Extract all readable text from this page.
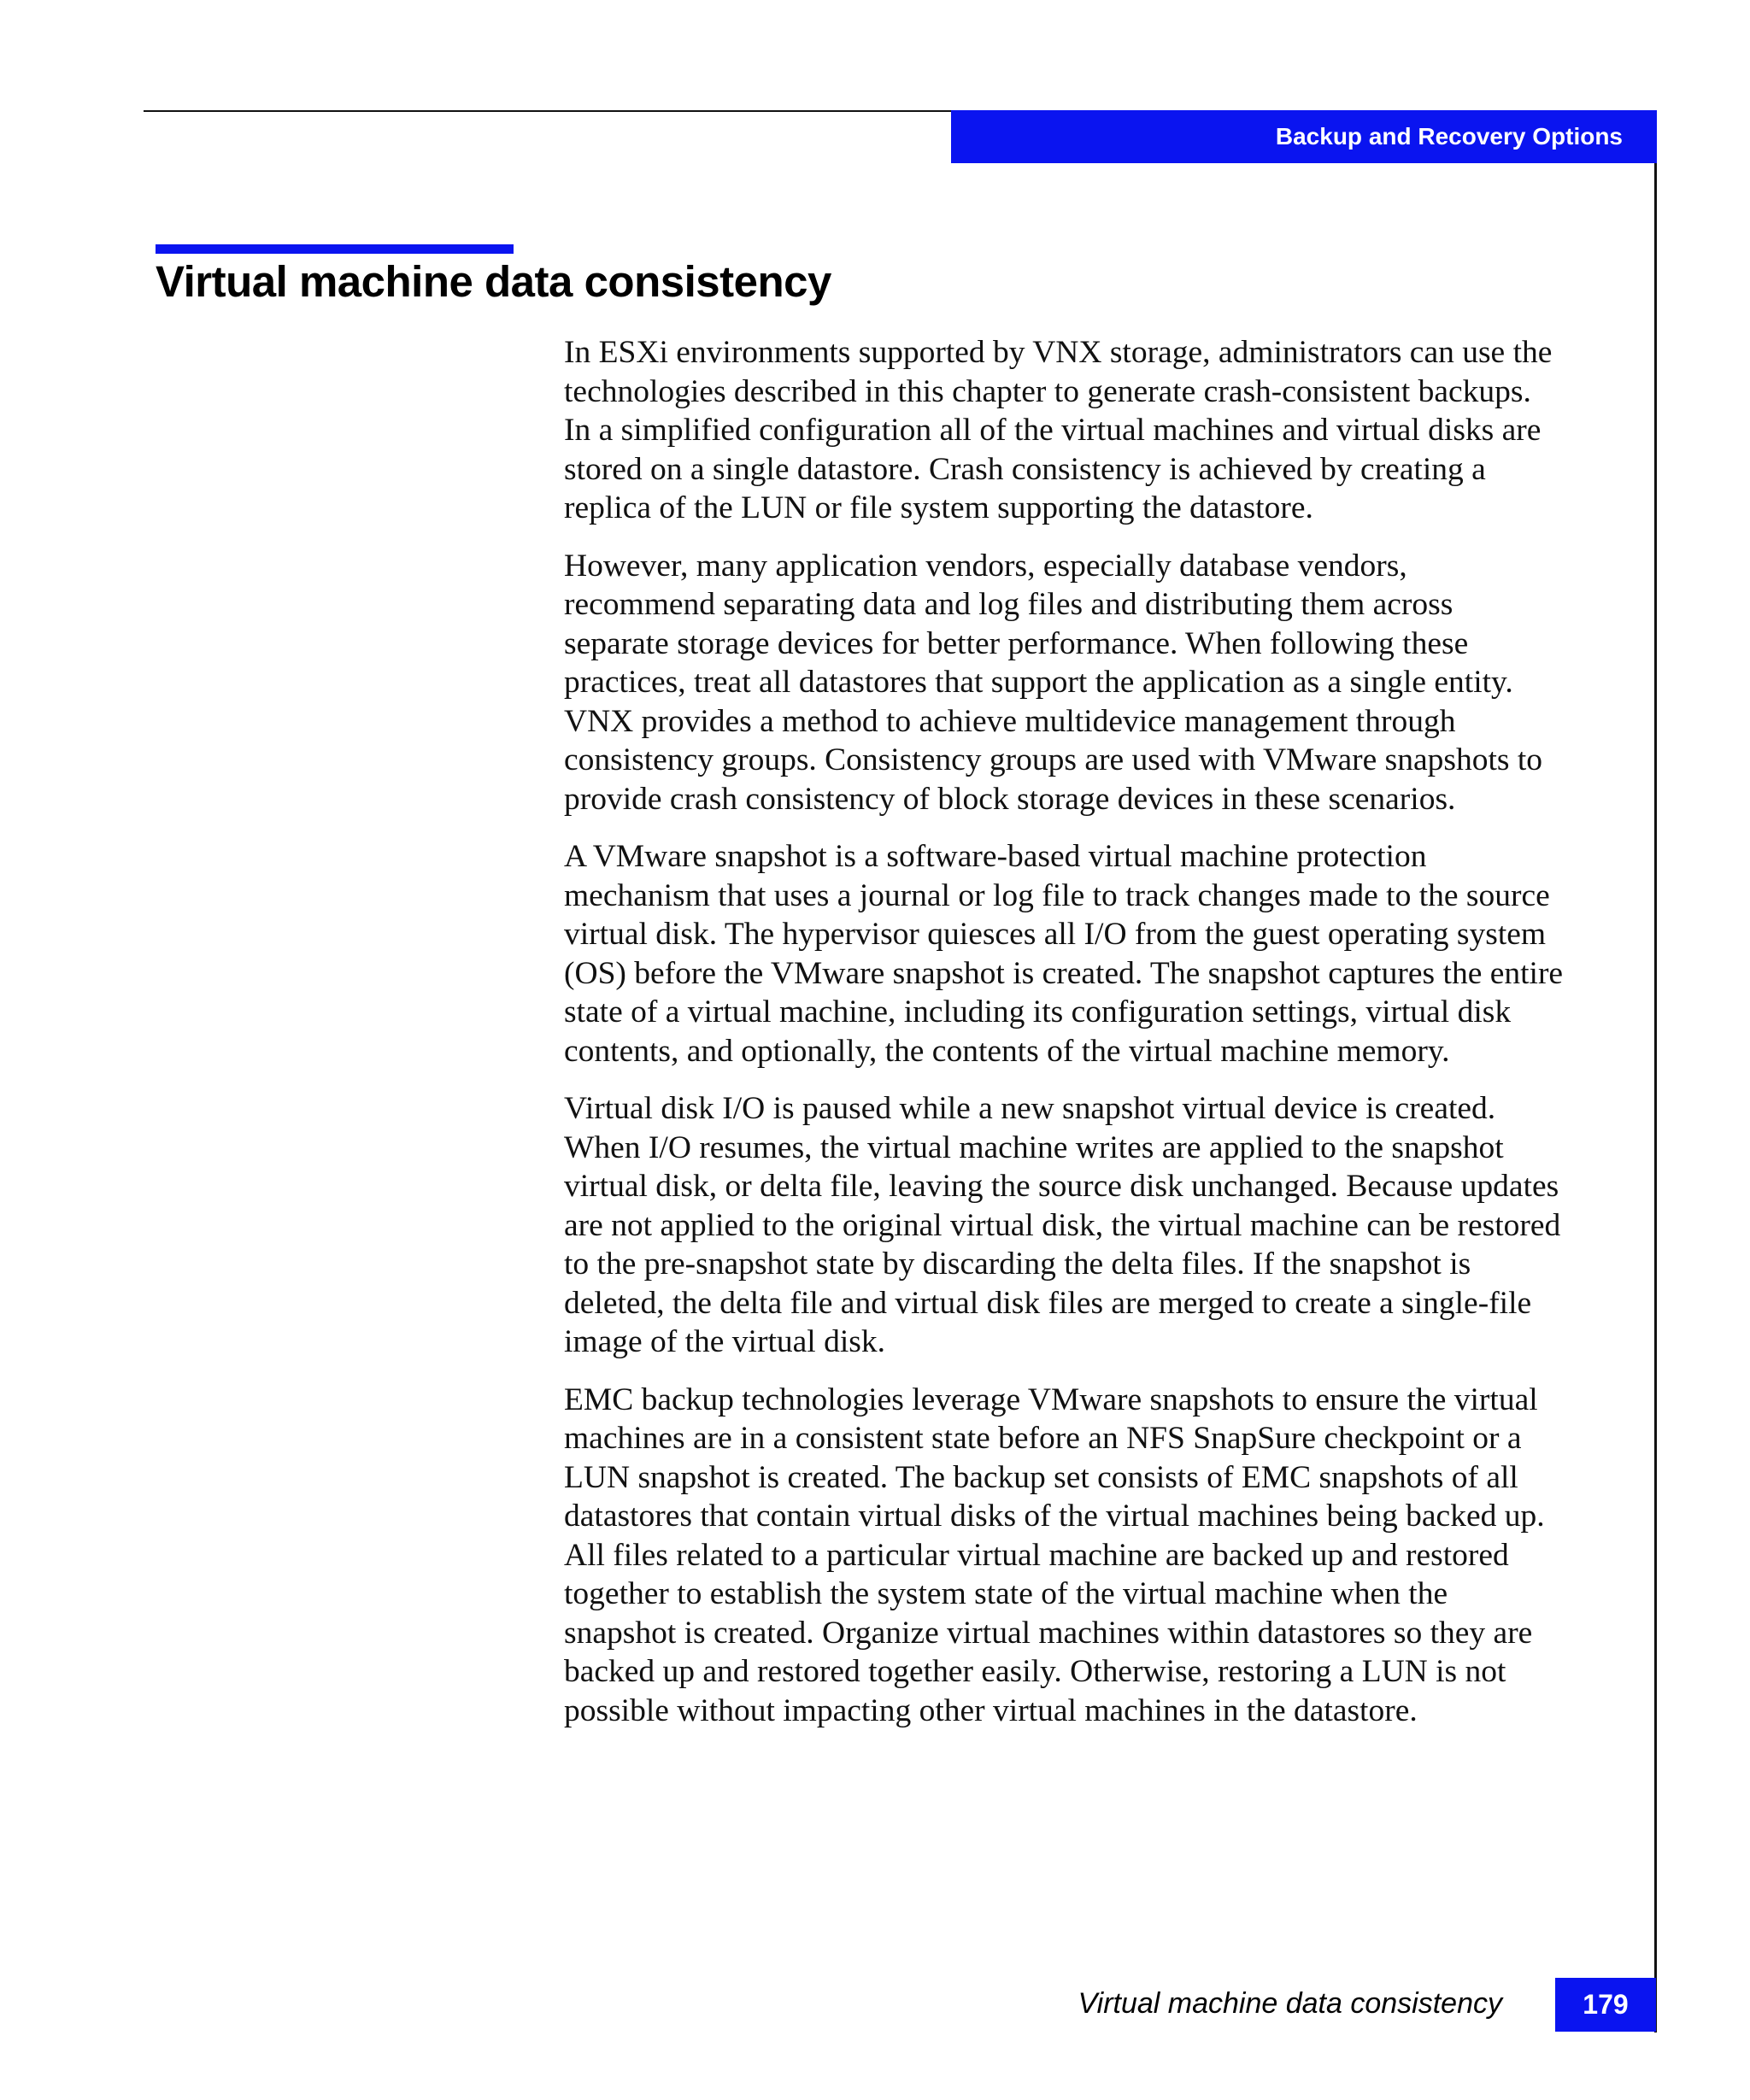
Backup and Recovery Options
Virtual machine data consistency

In ESXi environments supported by VNX storage, administrators can use the technologies described in this chapter to generate crash-consistent backups. In a simplified configuration all of the virtual machines and virtual disks are stored on a single datastore. Crash consistency is achieved by creating a replica of the LUN or file system supporting the datastore.

However, many application vendors, especially database vendors, recommend separating data and log files and distributing them across separate storage devices for better performance. When following these practices, treat all datastores that support the application as a single entity. VNX provides a method to achieve multidevice management through consistency groups. Consistency groups are used with VMware snapshots to provide crash consistency of block storage devices in these scenarios.

A VMware snapshot is a software-based virtual machine protection mechanism that uses a journal or log file to track changes made to the source virtual disk. The hypervisor quiesces all I/O from the guest operating system (OS) before the VMware snapshot is created. The snapshot captures the entire state of a virtual machine, including its configuration settings, virtual disk contents, and optionally, the contents of the virtual machine memory.

Virtual disk I/O is paused while a new snapshot virtual device is created. When I/O resumes, the virtual machine writes are applied to the snapshot virtual disk, or delta file, leaving the source disk unchanged. Because updates are not applied to the original virtual disk, the virtual machine can be restored to the pre-snapshot state by discarding the delta files. If the snapshot is deleted, the delta file and virtual disk files are merged to create a single-file image of the virtual disk.

EMC backup technologies leverage VMware snapshots to ensure the virtual machines are in a consistent state before an NFS SnapSure checkpoint or a LUN snapshot is created. The backup set consists of EMC snapshots of all datastores that contain virtual disks of the virtual machines being backed up. All files related to a particular virtual machine are backed up and restored together to establish the system state of the virtual machine when the snapshot is created. Organize virtual machines within datastores so they are backed up and restored together easily. Otherwise, restoring a LUN is not possible without impacting other virtual machines in the datastore.

Virtual machine data consistency	179
